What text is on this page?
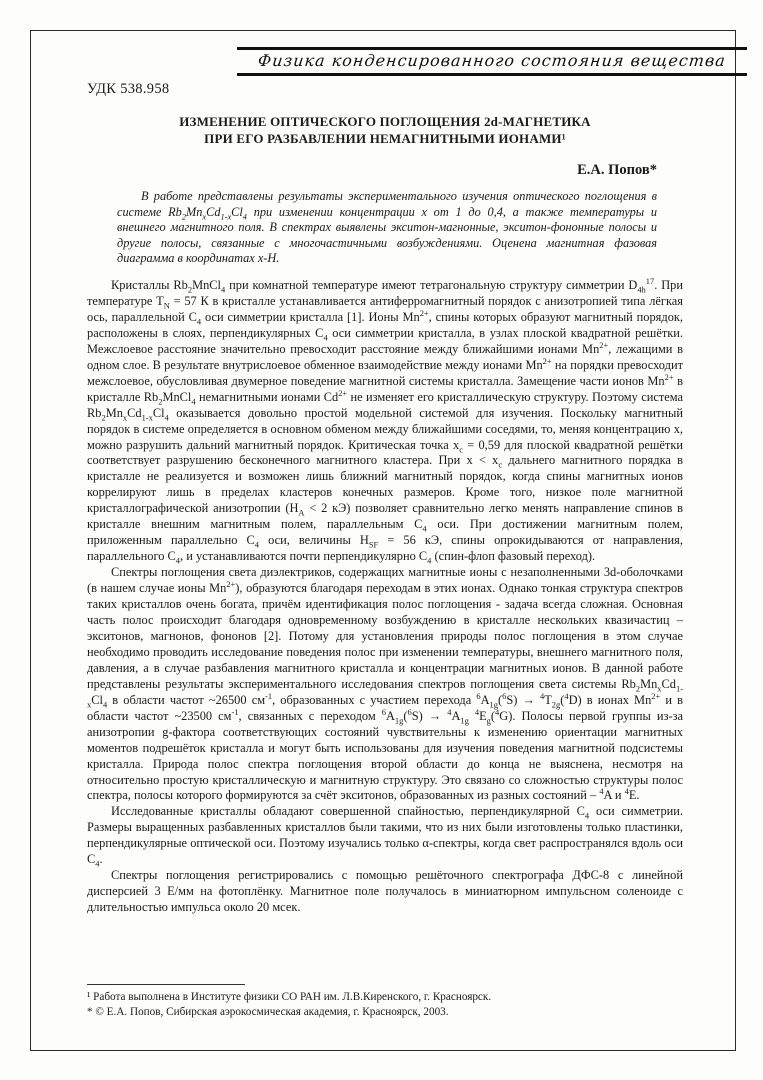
Физика конденсированного состояния вещества
УДК 538.958
ИЗМЕНЕНИЕ ОПТИЧЕСКОГО ПОГЛОЩЕНИЯ 2d-МАГНЕТИКА
ПРИ ЕГО РАЗБАВЛЕНИИ НЕМАГНИТНЫМИ ИОНАМИ¹
Е.А. Попов*

В работе представлены результаты экспериментального изучения оптического поглощения в системе $Rb_2Mn_xCd_{1-x}Cl_4$ при изменении концентрации x от 1 до 0,4, а также температуры и внешнего магнитного поля. В спектрах выявлены экситон-магнонные, экситон-фононные полосы и другие полосы, связанные с многочастичными возбуждениями. Оценена магнитная фазовая диаграмма в координатах x-H.

Кристаллы $Rb_2MnCl_4$ при комнатной температуре имеют тетрагональную структуру симметрии $D_{4h}^{17}$. При температуре $T_N = 57$ К в кристалле устанавливается антиферромагнитный порядок с анизотропией типа лёгкая ось, параллельной $С_4$ оси симметрии кристалла [1]. Ионы $Mn^{2+}$, спины которых образуют магнитный порядок, расположены в слоях, перпендикулярных $С_4$ оси симметрии кристалла, в узлах плоской квадратной решётки. Межслоевое расстояние значительно превосходит расстояние между ближайшими ионами $Mn^{2+}$, лежащими в одном слое. В результате внутрислоевое обменное взаимодействие между ионами $Mn^{2+}$ на порядки превосходит межслоевое, обусловливая двумерное поведение магнитной системы кристалла. Замещение части ионов $Mn^{2+}$ в кристалле $Rb_2MnCl_4$ немагнитными ионами $Cd^{2+}$ не изменяет его кристаллическую структуру. Поэтому система $Rb_2Mn_xCd_{1-x}Cl_4$ оказывается довольно простой модельной системой для изучения. Поскольку магнитный порядок в системе определяется в основном обменом между ближайшими соседями, то, меняя концентрацию x, можно разрушить дальний магнитный порядок. Критическая точка $x_c = 0,59$ для плоской квадратной решётки соответствует разрушению бесконечного магнитного кластера. При $x < x_c$ дальнего магнитного порядка в кристалле не реализуется и возможен лишь ближний магнитный порядок, когда спины магнитных ионов коррелируют лишь в пределах кластеров конечных размеров. Кроме того, низкое поле магнитной кристаллографической анизотропии ($H_A < 2$ кЭ) позволяет сравнительно легко менять направление спинов в кристалле внешним магнитным полем, параллельным $С_4$ оси. При достижении магнитным полем, приложенным параллельно $С_4$ оси, величины $H_{SF} = 56$ кЭ, спины опрокидываются от направления, параллельного $С_4$, и устанавливаются почти перпендикулярно $С_4$ (спин-флоп фазовый переход).

Спектры поглощения света диэлектриков, содержащих магнитные ионы с незаполненными 3d-оболочками (в нашем случае ионы $Mn^{2+}$), образуются благодаря переходам в этих ионах. Однако тонкая структура спектров таких кристаллов очень богата, причём идентификация полос поглощения - задача всегда сложная. Основная часть полос происходит благодаря одновременному возбуждению в кристалле нескольких квазичастиц – экситонов, магнонов, фононов [2]. Потому для установления природы полос поглощения в этом случае необходимо проводить исследование поведения полос при изменении температуры, внешнего магнитного поля, давления, а в случае разбавления магнитного кристалла и концентрации магнитных ионов. В данной работе представлены результаты экспериментального исследования спектров поглощения света системы $Rb_2Mn_xCd_{1-x}Cl_4$ в области частот ~26500 $см^{-1}$, образованных с участием перехода $^6A_{1g}(^6S) \to ^4T_{2g}(^4D)$ в ионах $Mn^{2+}$ и в области частот ~23500 $см^{-1}$, связанных с переходом $^6A_{1g}(^6S) \to ^4A_{1g}$ $^4E_g(^4G)$. Полосы первой группы из-за анизотропии g-фактора соответствующих состояний чувствительны к изменению ориентации магнитных моментов подрешёток кристалла и могут быть использованы для изучения поведения магнитной подсистемы кристалла. Природа полос спектра поглощения второй области до конца не выяснена, несмотря на относительно простую кристаллическую и магнитную структуру. Это связано со сложностью структуры полос спектра, полосы которого формируются за счёт экситонов, образованных из разных состояний – $^4$A и $^4$E.

Исследованные кристаллы обладают совершенной спайностью, перпендикулярной $С_4$ оси симметрии. Размеры выращенных разбавленных кристаллов были такими, что из них были изготовлены только пластинки, перпендикулярные оптической оси. Поэтому изучались только α-спектры, когда свет распространялся вдоль оси $С_4$.

Спектры поглощения регистрировались с помощью решёточного спектрографа ДФС-8 с линейной дисперсией 3 Е/мм на фотоплёнку. Магнитное поле получалось в миниатюрном импульсном соленоиде с длительностью импульса около 20 мсек.

¹ Работа выполнена в Институте физики СО РАН им. Л.В.Киренского, г. Красноярск.
* © Е.А. Попов, Сибирская аэрокосмическая академия, г. Красноярск, 2003.
